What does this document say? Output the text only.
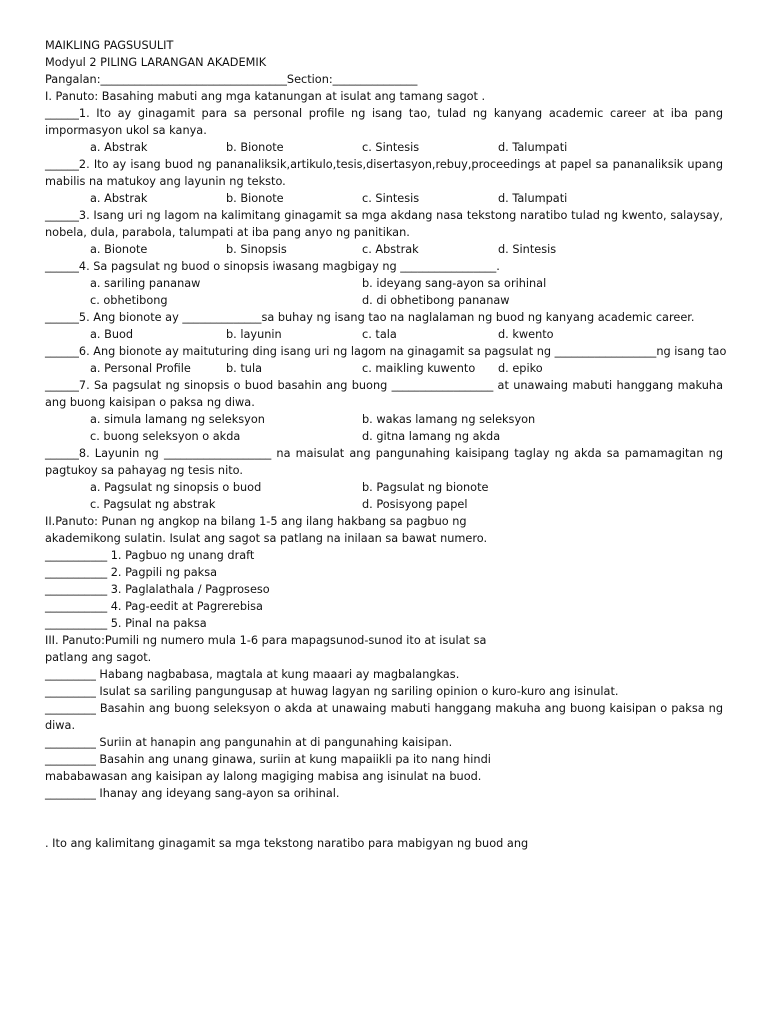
MAIKLING PAGSUSULIT
Modyul 2 PILING LARANGAN AKADEMIK
Pangalan:_________________________________Section:_______________
I. Panuto: Basahing mabuti ang mga katanungan at isulat ang tamang sagot .
______1. Ito ay ginagamit para sa personal profile ng isang tao, tulad ng kanyang academic career at iba pang impormasyon ukol sa kanya.
a. Abstrak	b. Bionote	c. Sintesis	d. Talumpati
______2. Ito ay isang buod ng pananaliksik,artikulo,tesis,disertasyon,rebuy,proceedings at papel sa pananaliksik upang mabilis na matukoy ang layunin ng teksto.
a. Abstrak	b. Bionote	c. Sintesis	d. Talumpati
______3. Isang uri ng lagom na kalimitang ginagamit sa mga akdang nasa tekstong naratibo tulad ng kwento, salaysay, nobela, dula, parabola, talumpati at iba pang anyo ng panitikan.
a. Bionote	b. Sinopsis	c. Abstrak	d. Sintesis
______4. Sa pagsulat ng buod o sinopsis iwasang magbigay ng _________________.
a. sariling pananaw	b. ideyang sang-ayon sa orihinal
c. obhetibong	d. di obhetibong pananaw
______5. Ang bionote ay ______________sa buhay ng isang tao na naglalaman ng buod ng kanyang academic career.
a. Buod	b. layunin	c. tala	d. kwento
______6. Ang bionote ay maituturing ding isang uri ng lagom na ginagamit sa pagsulat ng __________________ng isang tao
a. Personal Profile	b. tula	c. maikling kuwento	d. epiko
______7. Sa pagsulat ng sinopsis o buod basahin ang buong __________________ at unawaing mabuti hanggang makuha ang buong kaisipan o paksa ng diwa.
a. simula lamang ng seleksyon	b. wakas lamang ng seleksyon
c. buong seleksyon o akda	d. gitna lamang ng akda
______8. Layunin ng ___________________ na maisulat ang pangunahing kaisipang taglay ng akda sa pamamagitan ng pagtukoy sa pahayag ng tesis nito.
a. Pagsulat ng sinopsis o buod	b. Pagsulat ng bionote
c. Pagsulat ng abstrak	d. Posisyong papel
II.Panuto: Punan ng angkop na bilang 1-5 ang ilang hakbang sa pagbuo ng
akademikong sulatin. Isulat ang sagot sa patlang na inilaan sa bawat numero.
___________ 1. Pagbuo ng unang draft
___________ 2. Pagpili ng paksa
___________ 3. Paglalathala / Pagproseso
___________ 4. Pag-eedit at Pagrerebisa
___________ 5. Pinal na paksa
III. Panuto:Pumili ng numero mula 1-6 para mapagsunod-sunod ito at isulat sa
patlang ang sagot.
_________ Habang nagbabasa, magtala at kung maaari ay magbalangkas.
_________ Isulat sa sariling pangungusap at huwag lagyan ng sariling opinion o kuro-kuro ang isinulat.
_________ Basahin ang buong seleksyon o akda at unawaing mabuti hanggang makuha ang buong kaisipan o paksa ng diwa.
_________ Suriin at hanapin ang pangunahin at di pangunahing kaisipan.
_________ Basahin ang unang ginawa, suriin at kung mapaiikli pa ito nang hindi
mababawasan ang kaisipan ay lalong magiging mabisa ang isinulat na buod.
_________ Ihanay ang ideyang sang-ayon sa orihinal.
. Ito ang kalimitang ginagamit sa mga tekstong naratibo para mabigyan ng buod ang
